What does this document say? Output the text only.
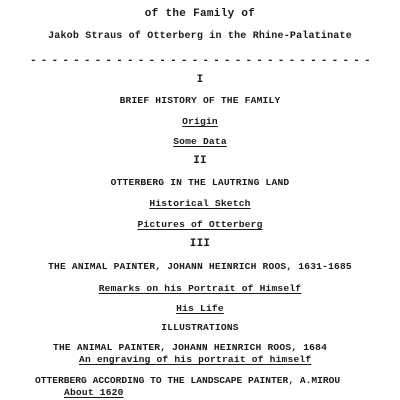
of the Family of
Jakob Straus of Otterberg in the Rhine-Palatinate
- - - - - - - - - - - - - - - - - - - - - - - - - - - - - - - -
I
BRIEF HISTORY OF THE FAMILY
Origin
Some Data
II
OTTERBERG IN THE LAUTRING LAND
Historical Sketch
Pictures of Otterberg
III
THE ANIMAL PAINTER, JOHANN HEINRICH ROOS, 1631-1685
Remarks on his Portrait of Himself
His Life
ILLUSTRATIONS
THE ANIMAL PAINTER, JOHANN HEINRICH ROOS, 1684
An engraving of his portrait of himself
OTTERBERG ACCORDING TO THE LANDSCAPE PAINTER, A.MIROU
About 1620
